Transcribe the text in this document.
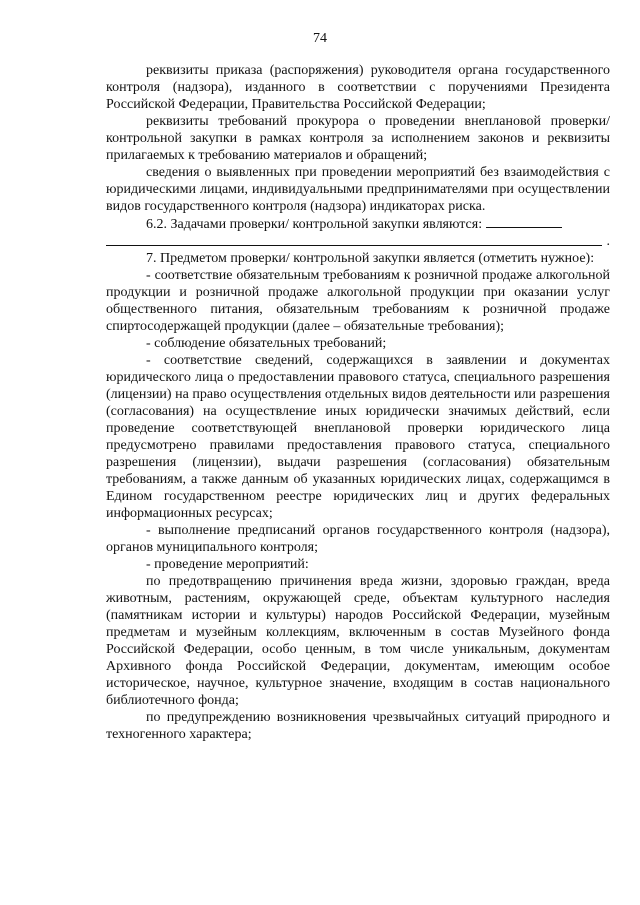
74

реквизиты приказа (распоряжения) руководителя органа государственного контроля (надзора), изданного в соответствии с поручениями Президента Российской Федерации, Правительства Российской Федерации;

реквизиты требований прокурора о проведении внеплановой проверки/ контрольной закупки в рамках контроля за исполнением законов и реквизиты прилагаемых к требованию материалов и обращений;

сведения о выявленных при проведении мероприятий без взаимодействия с юридическими лицами, индивидуальными предпринимателями при осуществлении видов государственного контроля (надзора) индикаторах риска.

6.2. Задачами проверки/ контрольной закупки являются:

.

7. Предметом проверки/ контрольной закупки является (отметить нужное):

- соответствие обязательным требованиям к розничной продаже алкогольной продукции и розничной продаже алкогольной продукции при оказании услуг общественного питания, обязательным требованиям к розничной продаже спиртосодержащей продукции (далее – обязательные требования);

- соблюдение обязательных требований;

- соответствие сведений, содержащихся в заявлении и документах юридического лица о предоставлении правового статуса, специального разрешения (лицензии) на право осуществления отдельных видов деятельности или разрешения (согласования) на осуществление иных юридически значимых действий, если проведение соответствующей внеплановой проверки юридического лица предусмотрено правилами предоставления правового статуса, специального разрешения (лицензии), выдачи разрешения (согласования) обязательным требованиям, а также данным об указанных юридических лицах, содержащимся в Едином государственном реестре юридических лиц и других федеральных информационных ресурсах;

- выполнение предписаний органов государственного контроля (надзора), органов муниципального контроля;

- проведение мероприятий:

по предотвращению причинения вреда жизни, здоровью граждан, вреда животным, растениям, окружающей среде, объектам культурного наследия (памятникам истории и культуры) народов Российской Федерации, музейным предметам и музейным коллекциям, включенным в состав Музейного фонда Российской Федерации, особо ценным, в том числе уникальным, документам Архивного фонда Российской Федерации, документам, имеющим особое историческое, научное, культурное значение, входящим в состав национального библиотечного фонда;

по предупреждению возникновения чрезвычайных ситуаций природного и техногенного характера;
